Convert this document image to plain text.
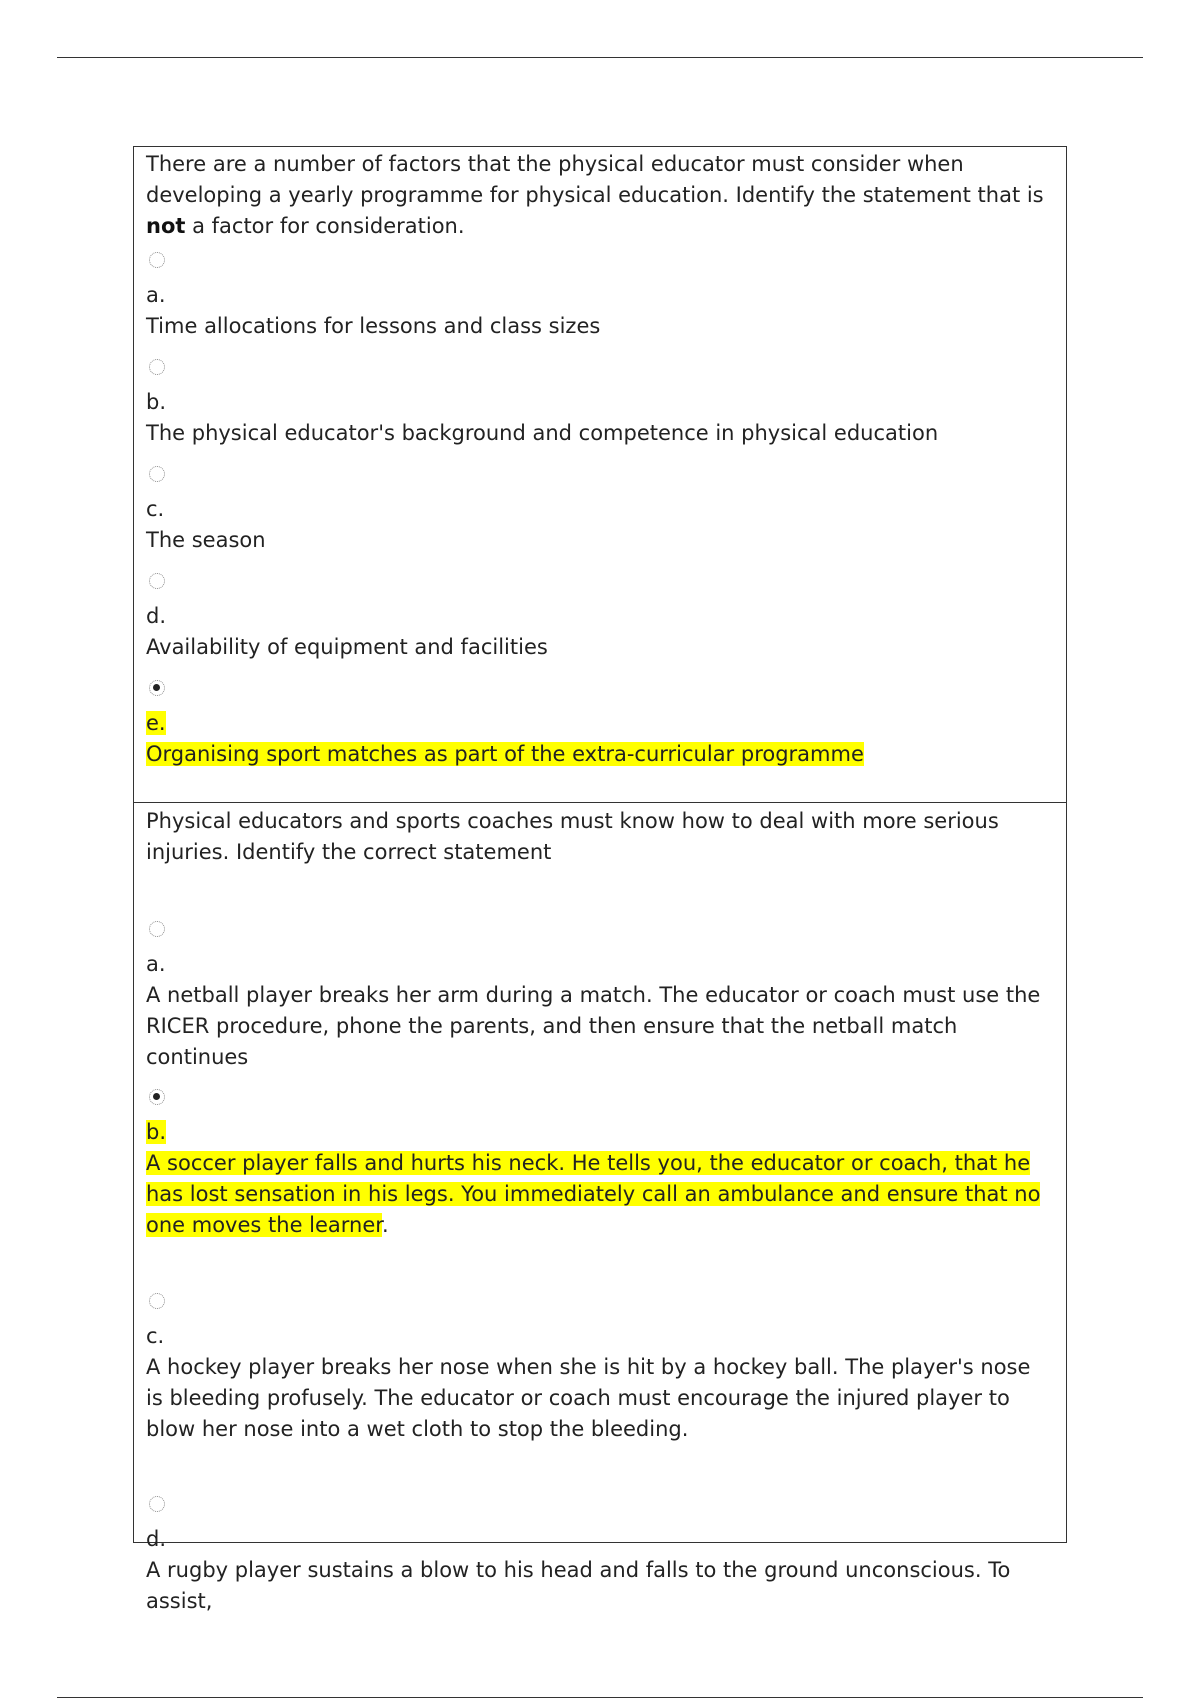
There are a number of factors that the physical educator must consider when developing a yearly programme for physical education. Identify the statement that is not a factor for consideration.

a.

Time allocations for lessons and class sizes

b.

The physical educator's background and competence in physical education

c.

The season

d.

Availability of equipment and facilities

e.

Organising sport matches as part of the extra-curricular programme

Physical educators and sports coaches must know how to deal with more serious injuries. Identify the correct statement

a.

A netball player breaks her arm during a match. The educator or coach must use the RICER procedure, phone the parents, and then ensure that the netball match continues

b.

A soccer player falls and hurts his neck. He tells you, the educator or coach, that he has lost sensation in his legs. You immediately call an ambulance and ensure that no one moves the learner.

c.

A hockey player breaks her nose when she is hit by a hockey ball. The player's nose is bleeding profusely. The educator or coach must encourage the injured player to blow her nose into a wet cloth to stop the bleeding.

d.

A rugby player sustains a blow to his head and falls to the ground unconscious. To assist,
